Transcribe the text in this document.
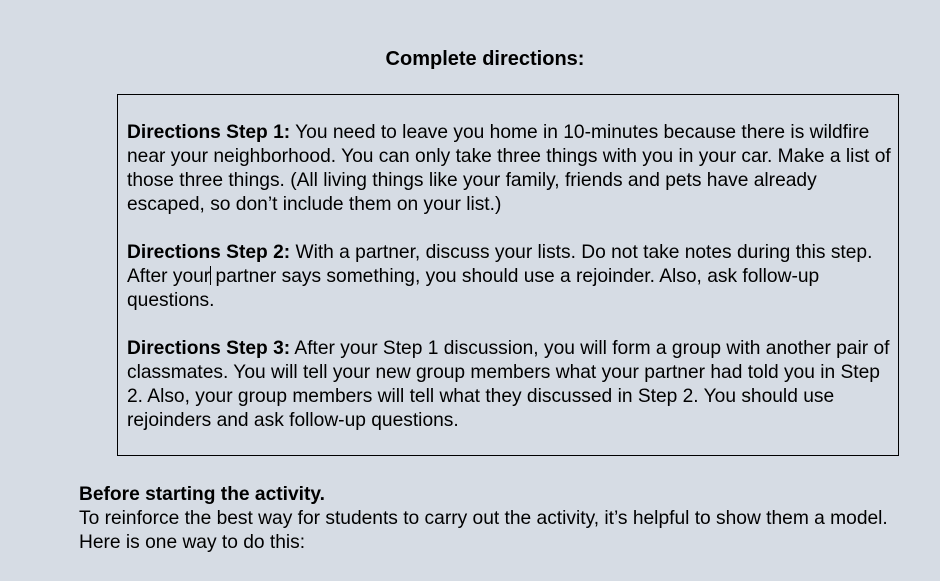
Complete directions:

Directions Step 1: You need to leave you home in 10-minutes because there is wildfire near your neighborhood. You can only take three things with you in your car. Make a list of those three things. (All living things like your family, friends and pets have already escaped, so don’t include them on your list.)

Directions Step 2: With a partner, discuss your lists. Do not take notes during this step. After your partner says something, you should use a rejoinder. Also, ask follow-up questions.

Directions Step 3: After your Step 1 discussion, you will form a group with another pair of classmates. You will tell your new group members what your partner had told you in Step 2. Also, your group members will tell what they discussed in Step 2. You should use rejoinders and ask follow-up questions.

Before starting the activity.
To reinforce the best way for students to carry out the activity, it’s helpful to show them a model. Here is one way to do this:
